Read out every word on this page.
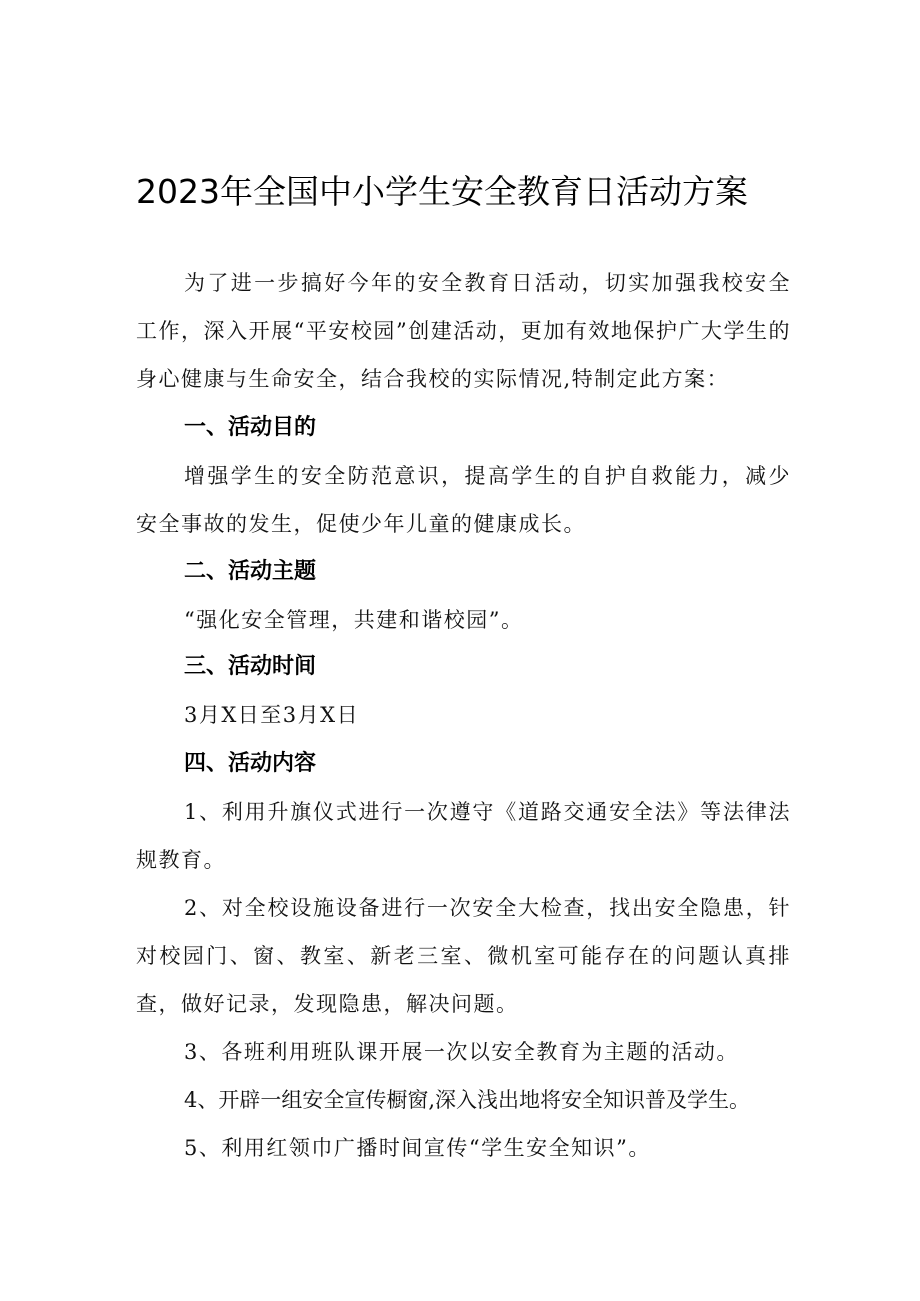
2023年全国中小学生安全教育日活动方案
为了进一步搞好今年的安全教育日活动，切实加强我校安全工作，深入开展“平安校园”创建活动，更加有效地保护广大学生的身心健康与生命安全，结合我校的实际情况,特制定此方案：
一、活动目的
增强学生的安全防范意识，提高学生的自护自救能力，减少安全事故的发生，促使少年儿童的健康成长。
二、活动主题
“强化安全管理，共建和谐校园”。
三、活动时间
3月X日至3月X日
四、活动内容
1、利用升旗仪式进行一次遵守《道路交通安全法》等法律法规教育。
2、对全校设施设备进行一次安全大检查，找出安全隐患，针对校园门、窗、教室、新老三室、微机室可能存在的问题认真排查，做好记录，发现隐患，解决问题。
3、各班利用班队课开展一次以安全教育为主题的活动。
4、开辟一组安全宣传橱窗,深入浅出地将安全知识普及学生。
5、利用红领巾广播时间宣传“学生安全知识”。
